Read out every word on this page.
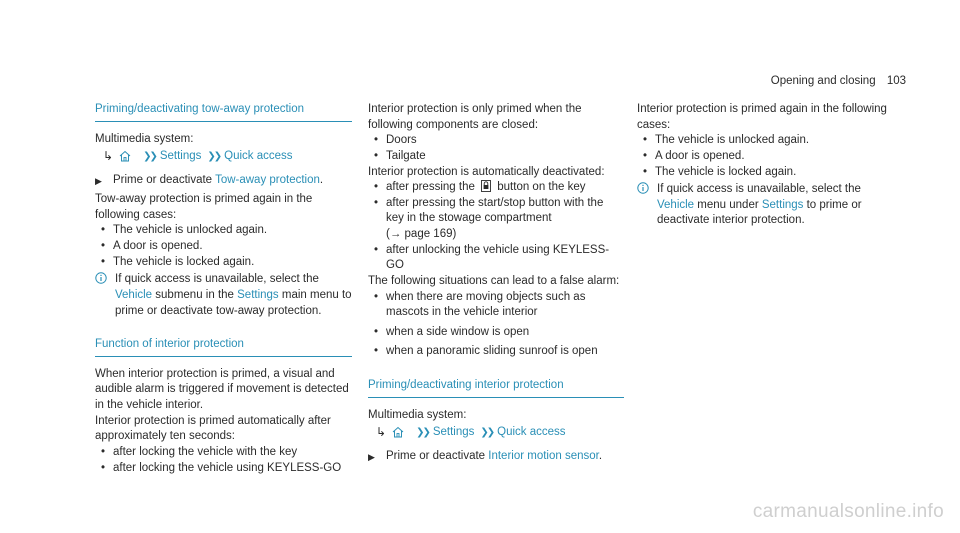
Opening and closing 103
Priming/deactivating tow-away protection

Multimedia system:

↳	❯❯ Settings ❯❯ Quick access
▶ Prime or deactivate Tow-away protection.

Tow-away protection is primed again in the following cases:

• The vehicle is unlocked again.
• A door is opened.
• The vehicle is locked again.

If quick access is unavailable, select the Vehicle submenu in the Settings main menu to prime or deactivate tow-away protection.

Function of interior protection

When interior protection is primed, a visual and audible alarm is triggered if movement is detected in the vehicle interior.

Interior protection is primed automatically after approximately ten seconds:

• after locking the vehicle with the key
• after locking the vehicle using KEYLESS-GO

Interior protection is only primed when the following components are closed:

• Doors
• Tailgate

Interior protection is automatically deactivated:

• after pressing the  button on the key
• after pressing the start/stop button with the key in the stowage compartment
(→ page 169)
• after unlocking the vehicle using KEYLESS-GO

The following situations can lead to a false alarm:

• when there are moving objects such as mascots in the vehicle interior
• when a side window is open
• when a panoramic sliding sunroof is open
Priming/deactivating interior protection

Multimedia system:

↳	❯❯ Settings ❯❯ Quick access
▶ Prime or deactivate Interior motion sensor.

Interior protection is primed again in the following cases:

• The vehicle is unlocked again.
• A door is opened.
• The vehicle is locked again.

If quick access is unavailable, select the Vehicle menu under Settings to prime or deactivate interior protection.

carmanualsonline.info
